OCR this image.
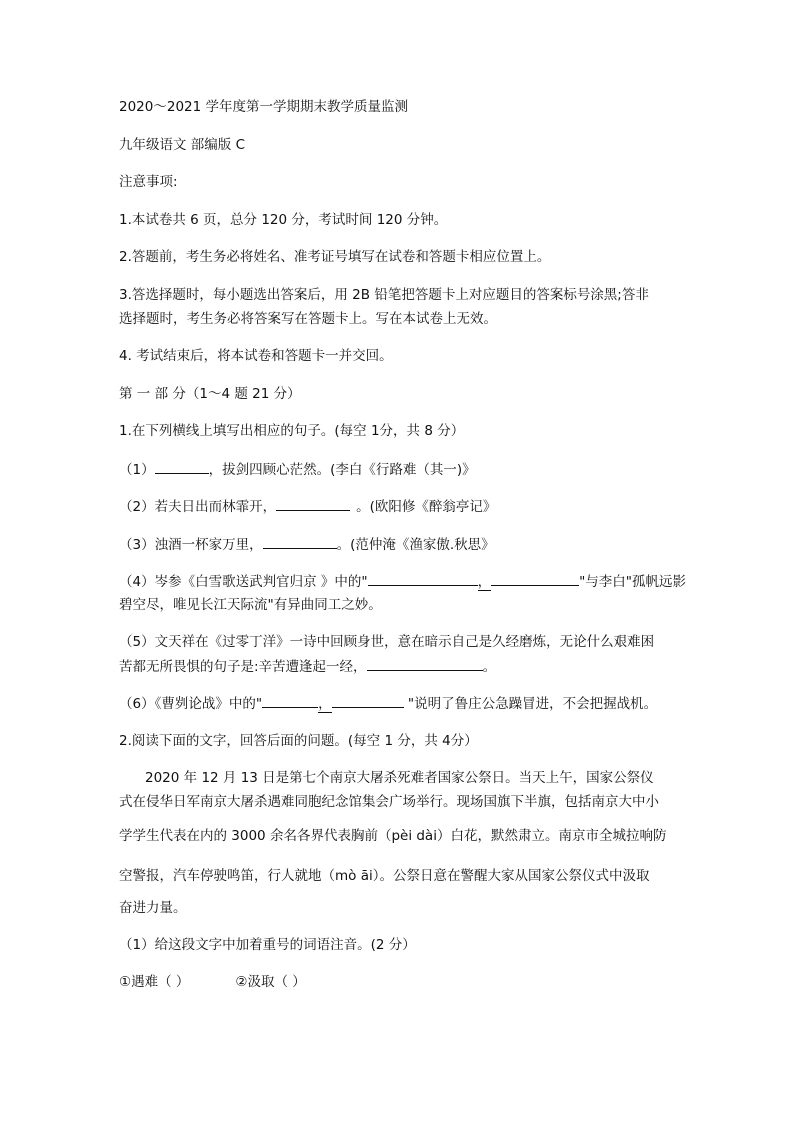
2020～2021 学年度第一学期期末教学质量监测
九年级语文 部编版 C
注意事项:
1.本试卷共 6 页，总分 120 分，考试时间 120 分钟。
2.答题前，考生务必将姓名、准考证号填写在试卷和答题卡相应位置上。
3.答选择题时，每小题选出答案后，用 2B 铅笔把答题卡上对应题目的答案标号涂黑;答非
选择题时，考生务必将答案写在答题卡上。写在本试卷上无效。
4. 考试结束后，将本试卷和答题卡一并交回。
第 一 部 分（1～4 题 21 分）
1.在下列横线上填写出相应的句子。(每空 1分，共 8 分）
（1）	，拔剑四顾心茫然。(李白《行路难（其一)》
（2）若夫日出而林霏开，	。(欧阳修《醉翁亭记》
（3）浊酒一杯家万里，	。(范仲淹《渔家傲.秋思》
（4）岑参《白雪歌送武判官归京 》中的"	，	"与李白"孤帆远影
碧空尽，唯见长江天际流"有异曲同工之妙。
（5）文天祥在《过零丁洋》一诗中回顾身世，意在暗示自己是久经磨炼，无论什么艰难困
苦都无所畏惧的句子是:辛苦遭逢起一经，	。
（6）《曹刿论战》中的"	，	"说明了鲁庄公急躁冒进，不会把握战机。
2.阅读下面的文字，回答后面的问题。(每空 1 分，共 4分）
2020 年 12 月 13 日是第七个南京大屠杀死难者国家公祭日。当天上午，国家公祭仪
式在侵华日军南京大屠杀遇难同胞纪念馆集会广场举行。现场国旗下半旗，包括南京大中小
学学生代表在内的 3000 余名各界代表胸前（pèi dài）白花，默然肃立。南京市全城拉响防
空警报，汽车停驶鸣笛，行人就地（mò āi）。公祭日意在警醒大家从国家公祭仪式中汲取
奋进力量。
（1）给这段文字中加着重号的词语注音。(2 分）
①遇难（ ）	②汲取（ ）
